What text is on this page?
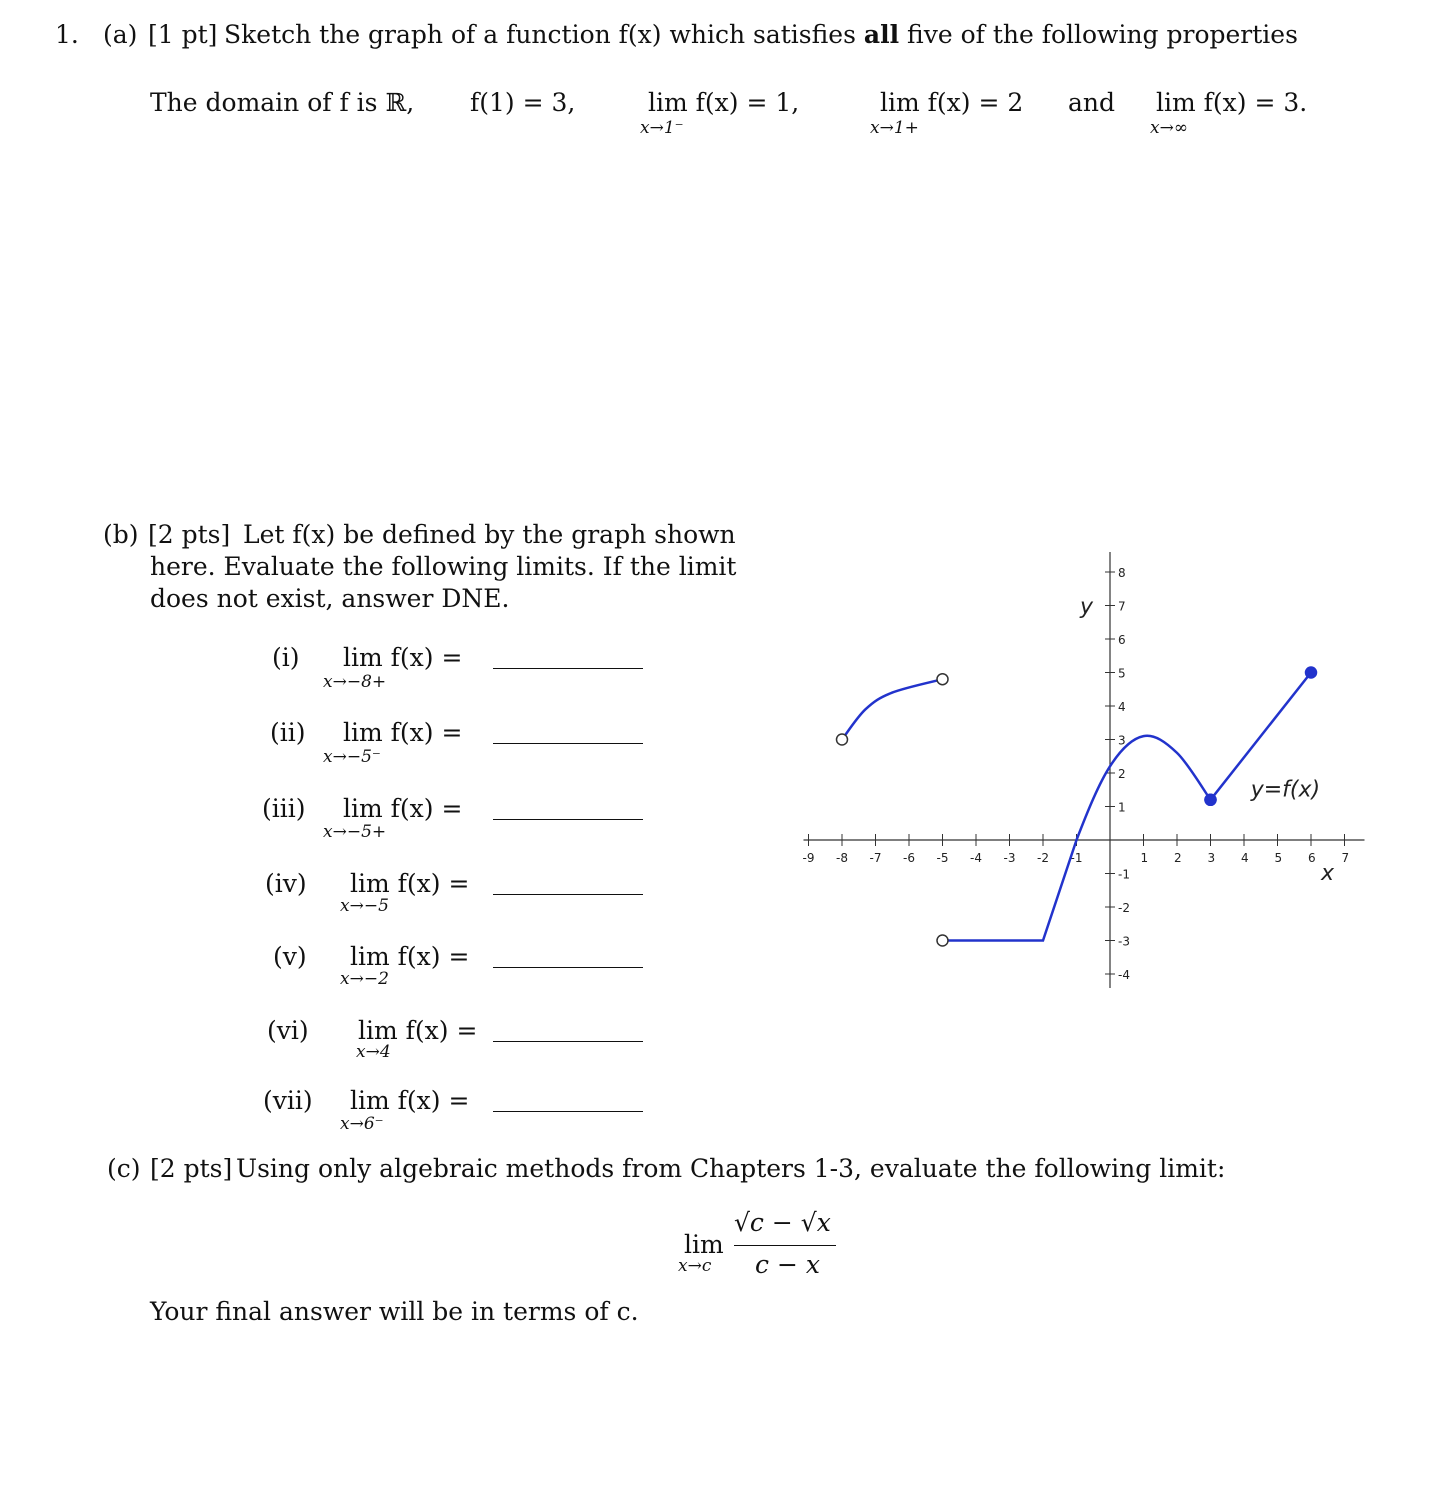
1. (a) [1 pt] Sketch the graph of a function f(x) which satisfies all five of the following properties
The domain of f is ℝ, f(1) = 3,	lim f(x) = 1,
x→1⁻
lim f(x) = 2
x→1+
and lim f(x) = 3.
x→∞
(b) [2 pts] Let f(x) be defined by the graph shown
here. Evaluate the following limits. If the limit
does not exist, answer DNE.
(i) lim f(x) =
x→−8+
(ii) lim f(x) =
x→−5⁻
(iii) lim f(x) =
x→−5+
(iv) lim f(x) =
x→−5
(v) lim f(x) =
x→−2
(vi) lim f(x) =
x→4
(vii) lim f(x) =
x→6⁻
-9 -8 -7 -6 -5 -4 -3 -2 -1	1 2 3 4 5 6 7
8
7
6
5
4
3
2
1
-1
-2
-3
-4
x
y
y=f(x)
(c) [2 pts] Using only algebraic methods from Chapters 1-3, evaluate the following limit:
lim
x→c
√c − √x
c − x
Your final answer will be in terms of c.
